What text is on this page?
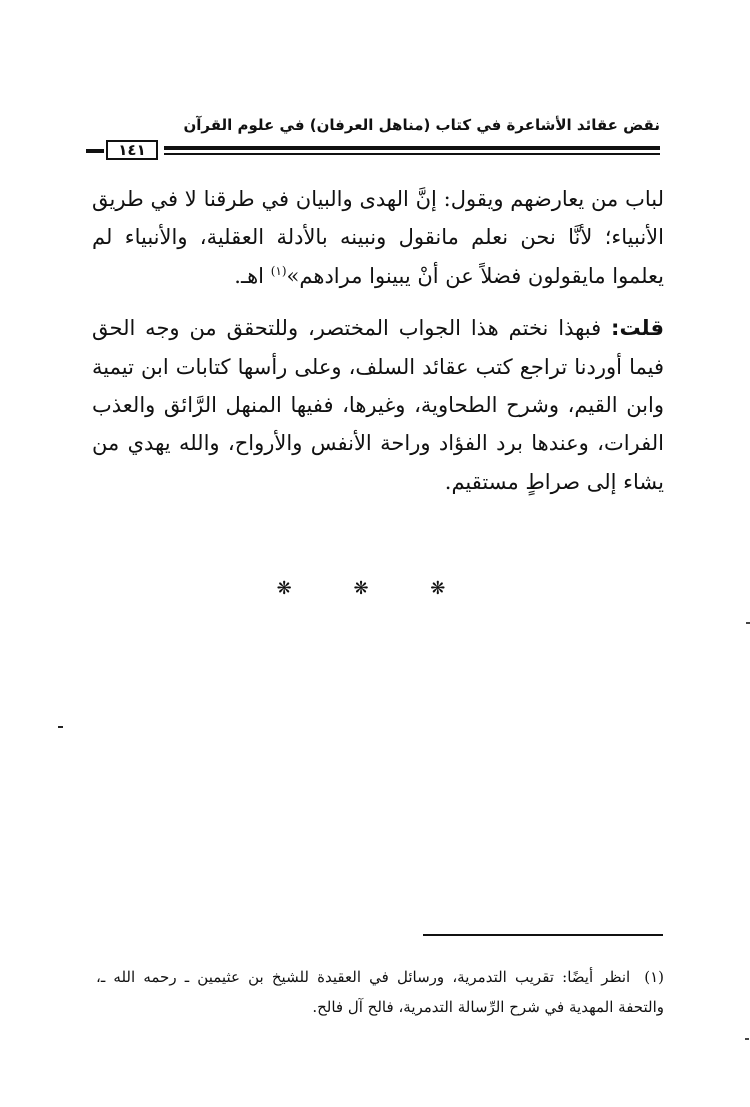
نقض عقائد الأشاعرة في كتاب (مناهل العرفان) في علوم القرآن
١٤١

لباب من يعارضهم ويقول: إنَّ الهدى والبيان في طرقنا لا في طريق الأنبياء؛ لأنَّا نحن نعلم مانقول ونبينه بالأدلة العقلية، والأنبياء لم يعلموا مايقولون فضلاً عن أنْ يبينوا مرادهم»$^{(١)}$ اهـ.

قلت: فبهذا نختم هذا الجواب المختصر، وللتحقق من وجه الحق فيما أوردنا تراجع كتب عقائد السلف، وعلى رأسها كتابات ابن تيمية وابن القيم، وشرح الطحاوية، وغيرها، ففيها المنهل الرَّائق والعذب الفرات، وعندها برد الفؤاد وراحة الأنفس والأرواح، والله يهدي من يشاء إلى صراطٍ مستقيم.

❋ ❋ ❋
(١)انظر أيضًا: تقريب التدمرية، ورسائل في العقيدة للشيخ بن عثيمين ـ رحمه الله ـ، والتحفة المهدية في شرح الرِّسالة التدمرية، فالح آل فالح.
